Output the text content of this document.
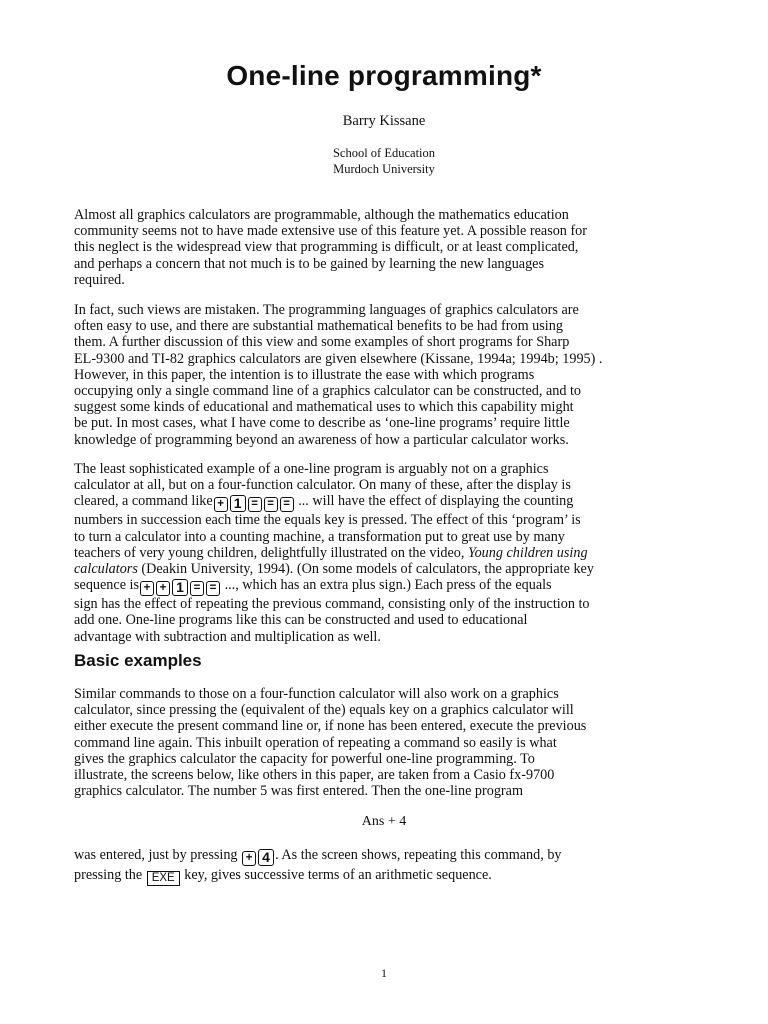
One-line programming*

Barry Kissane

School of Education
Murdoch University

Almost all graphics calculators are programmable, although the mathematics education
community seems not to have made extensive use of this feature yet. A possible reason for
this neglect is the widespread view that programming is difficult, or at least complicated,
and perhaps a concern that not much is to be gained by learning the new languages
required.

In fact, such views are mistaken. The programming languages of graphics calculators are
often easy to use, and there are substantial mathematical benefits to be had from using
them. A further discussion of this view and some examples of short programs for Sharp
EL-9300 and TI-82 graphics calculators are given elsewhere (Kissane, 1994a; 1994b; 1995) .
However, in this paper, the intention is to illustrate the ease with which programs
occupying only a single command line of a graphics calculator can be constructed, and to
suggest some kinds of educational and mathematical uses to which this capability might
be put. In most cases, what I have come to describe as ‘one-line programs’ require little
knowledge of programming beyond an awareness of how a particular calculator works.

The least sophisticated example of a one-line program is arguably not on a graphics
calculator at all, but on a four-function calculator. On many of these, after the display is
cleared, a command like + 1 = = = ... will have the effect of displaying the counting
numbers in succession each time the equals key is pressed. The effect of this ‘program’ is
to turn a calculator into a counting machine, a transformation put to great use by many
teachers of very young children, delightfully illustrated on the video, Young children using
calculators (Deakin University, 1994). (On some models of calculators, the appropriate key
sequence is + + 1 = = ..., which has an extra plus sign.) Each press of the equals
sign has the effect of repeating the previous command, consisting only of the instruction to
add one. One-line programs like this can be constructed and used to educational
advantage with subtraction and multiplication as well.

Basic examples

Similar commands to those on a four-function calculator will also work on a graphics
calculator, since pressing the (equivalent of the) equals key on a graphics calculator will
either execute the present command line or, if none has been entered, execute the previous
command line again. This inbuilt operation of repeating a command so easily is what
gives the graphics calculator the capacity for powerful one-line programming. To
illustrate, the screens below, like others in this paper, are taken from a Casio fx-9700
graphics calculator. The number 5 was first entered. Then the one-line program

Ans + 4

was entered, just by pressing + 4 . As the screen shows, repeating this command, by
pressing the EXE key, gives successive terms of an arithmetic sequence.

1
